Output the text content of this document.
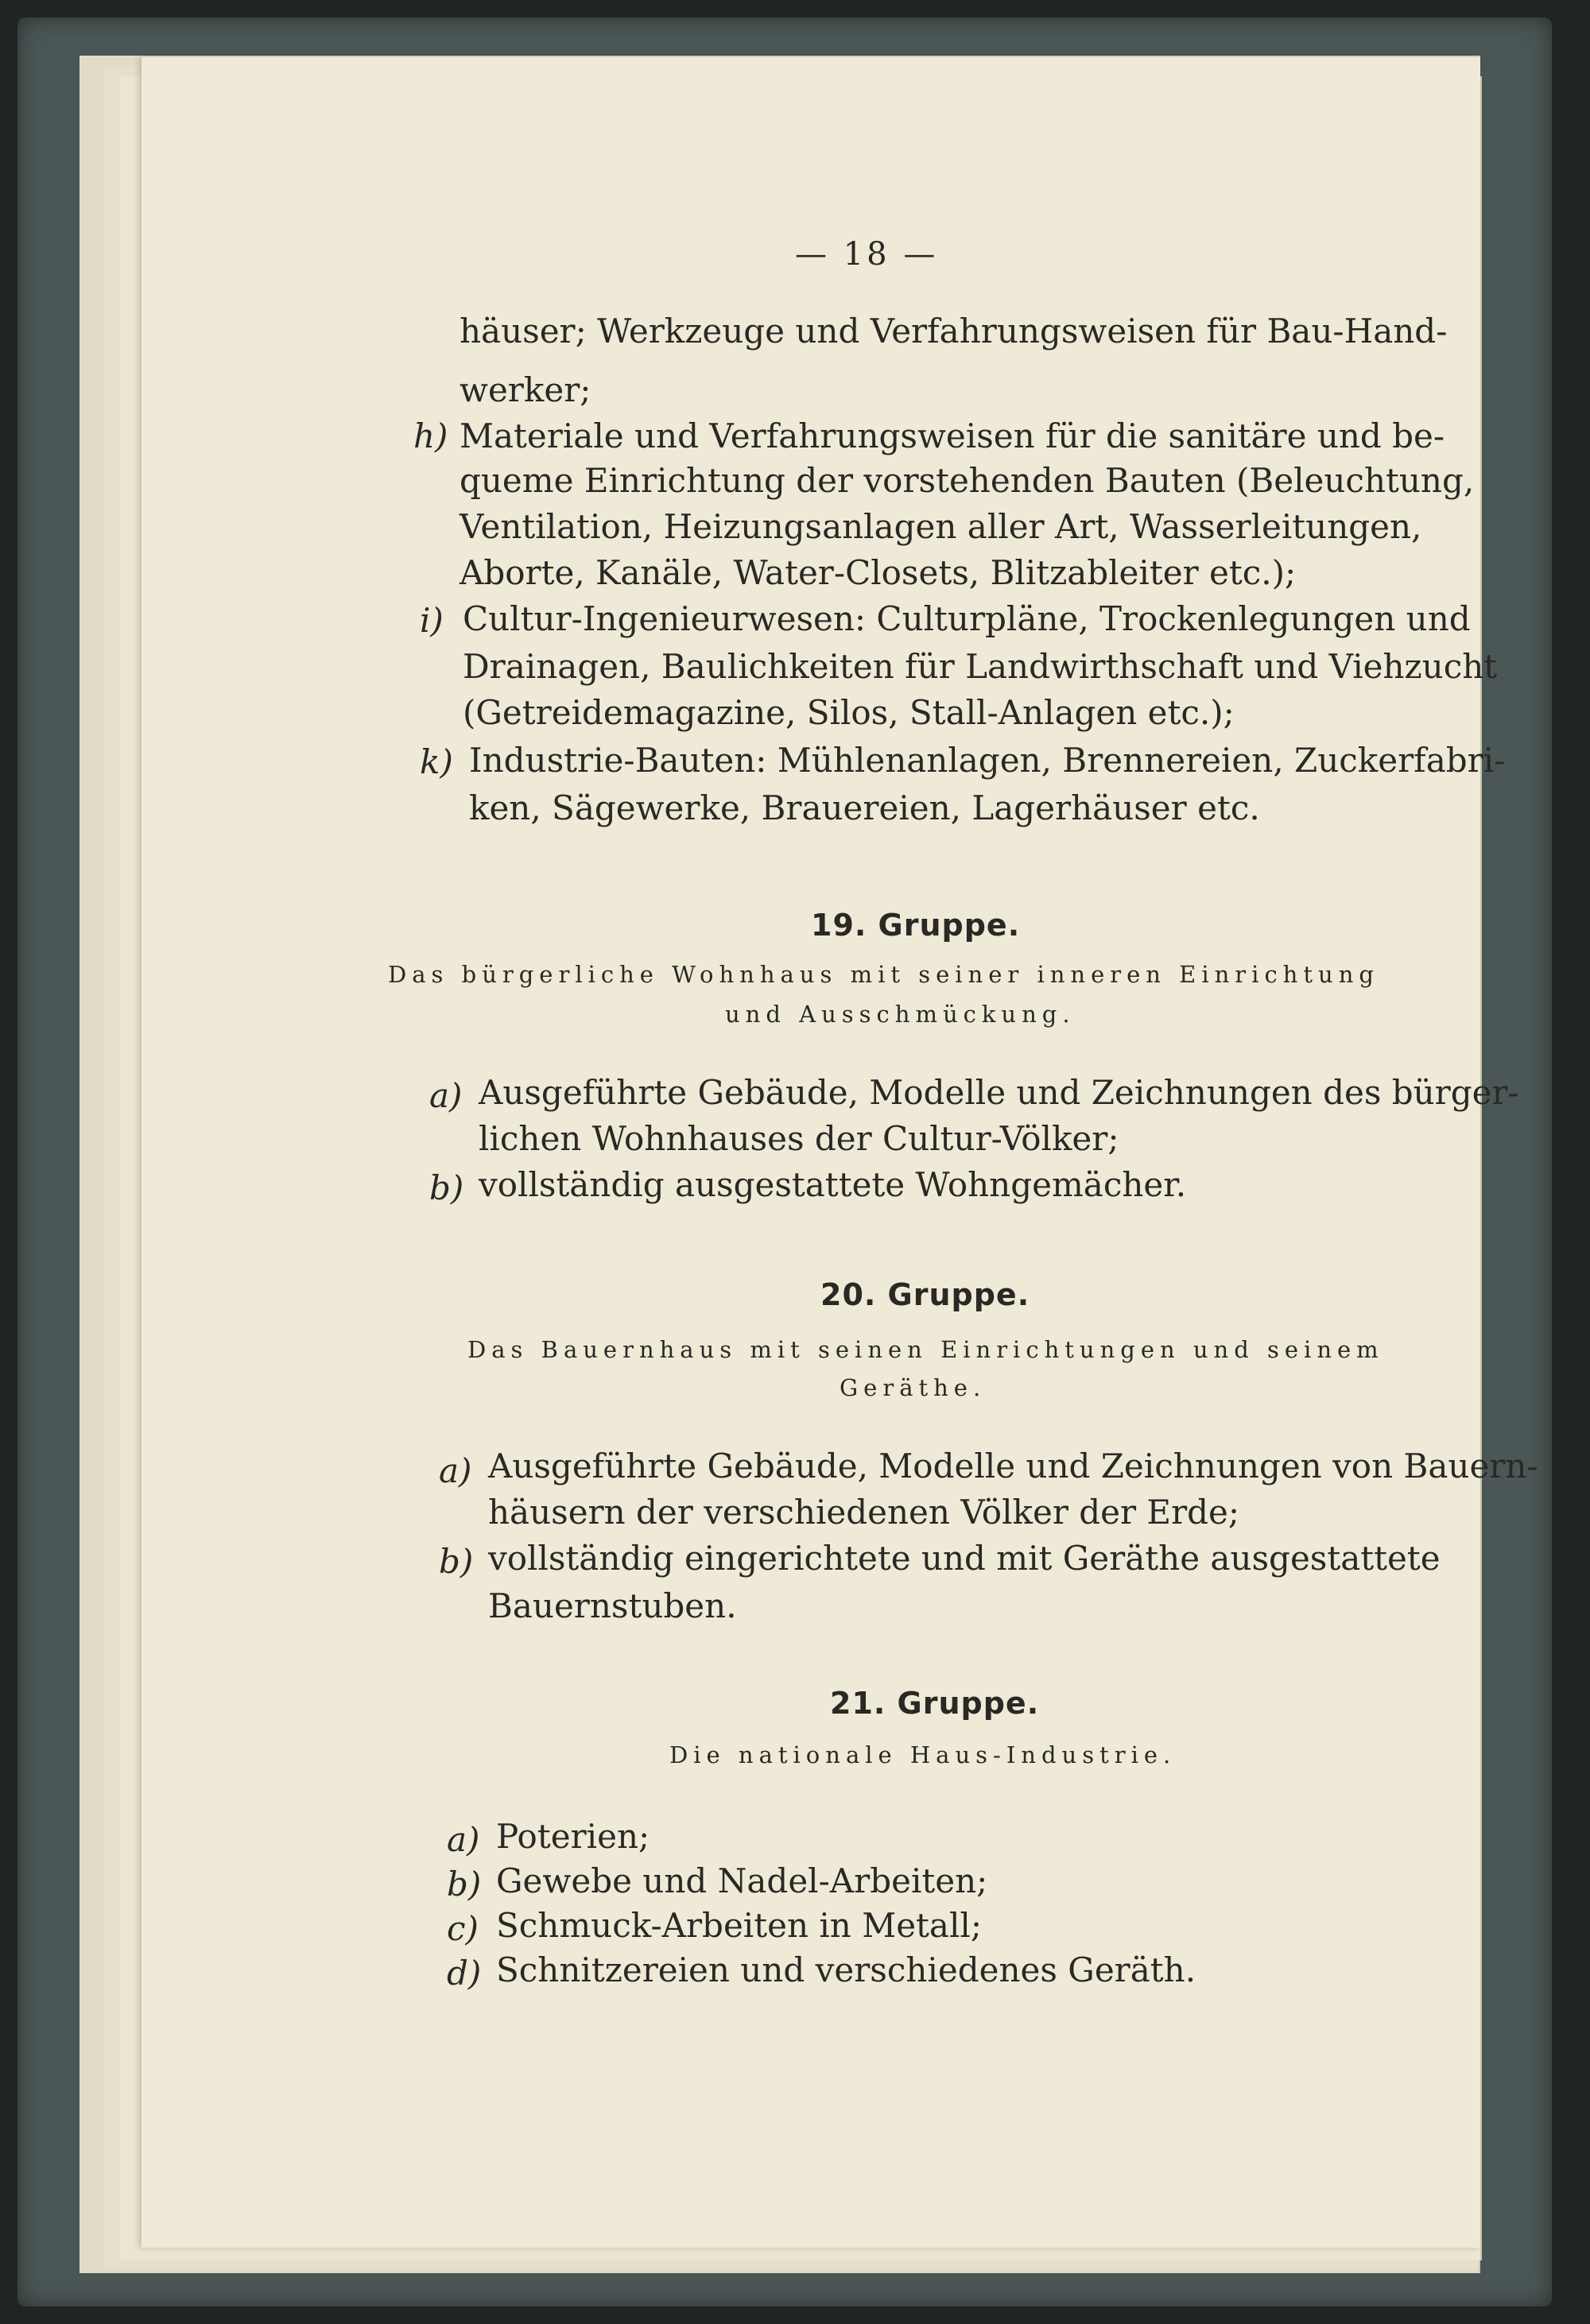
— 18 —
häuser; Werkzeuge und Verfahrungsweisen für Bau-Hand-
werker;
h) Materiale und Verfahrungsweisen für die sanitäre und be-
queme Einrichtung der vorstehenden Bauten (Beleuchtung,
Ventilation, Heizungsanlagen aller Art, Wasserleitungen,
Aborte, Kanäle, Water-Closets, Blitzableiter etc.);
i) Cultur-Ingenieurwesen: Culturpläne, Trockenlegungen und
Drainagen, Baulichkeiten für Landwirthschaft und Viehzucht
(Getreidemagazine, Silos, Stall-Anlagen etc.);
k) Industrie-Bauten: Mühlenanlagen, Brennereien, Zuckerfabri-
ken, Sägewerke, Brauereien, Lagerhäuser etc.
19. Gruppe.
Das bürgerliche Wohnhaus mit seiner inneren Einrichtung
und Ausschmückung.
a) Ausgeführte Gebäude, Modelle und Zeichnungen des bürger-
lichen Wohnhauses der Cultur-Völker;
b) vollständig ausgestattete Wohngemächer.
20. Gruppe.
Das Bauernhaus mit seinen Einrichtungen und seinem
Geräthe.
a) Ausgeführte Gebäude, Modelle und Zeichnungen von Bauern-
häusern der verschiedenen Völker der Erde;
b) vollständig eingerichtete und mit Geräthe ausgestattete
Bauernstuben.
21. Gruppe.
Die nationale Haus-Industrie.
a) Poterien;
b) Gewebe und Nadel-Arbeiten;
c) Schmuck-Arbeiten in Metall;
d) Schnitzereien und verschiedenes Geräth.
